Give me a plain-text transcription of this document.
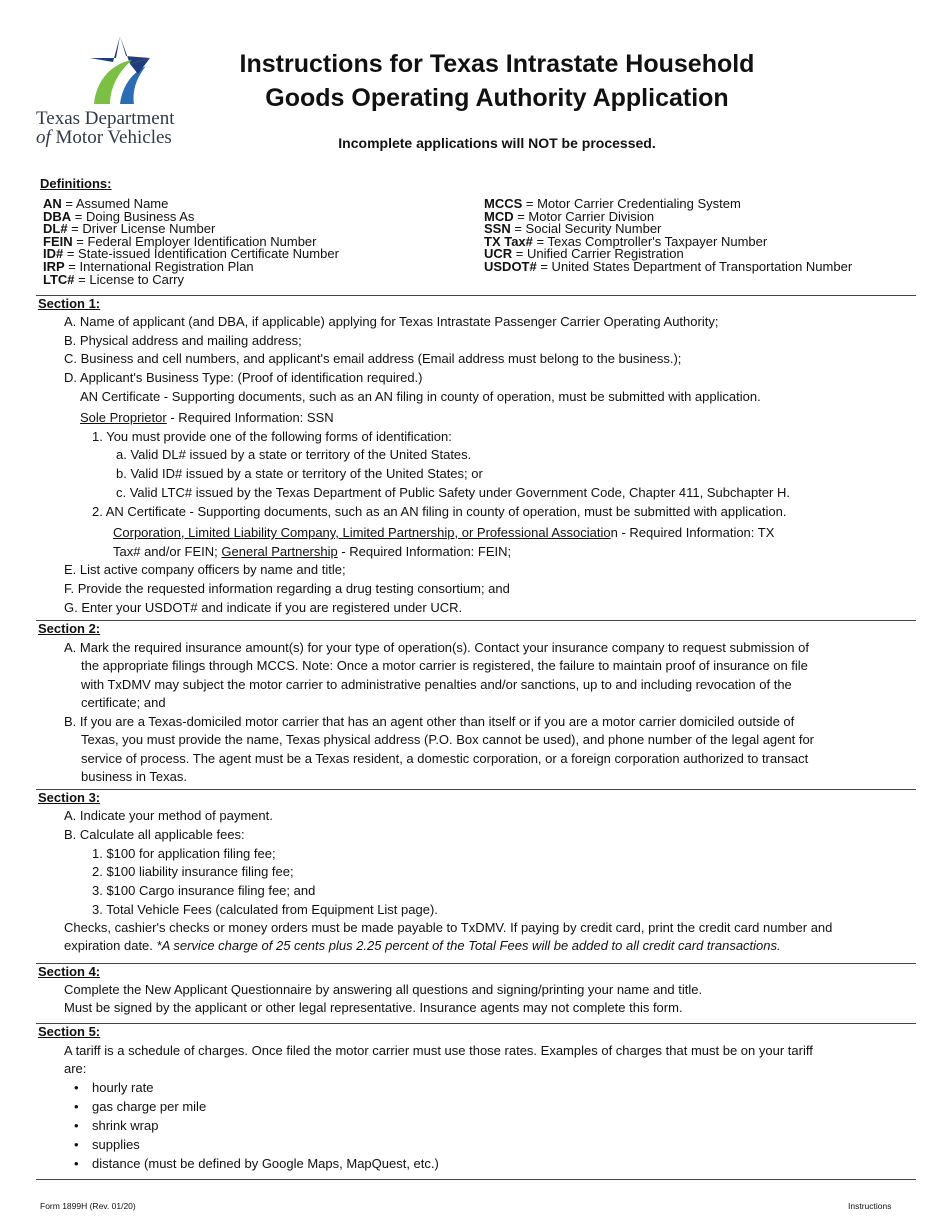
Texas Department
of Motor Vehicles
Instructions for Texas Intrastate Household
Goods Operating Authority Application
Incomplete applications will NOT be processed.
Definitions:
AN = Assumed Name
DBA = Doing Business As
DL# = Driver License Number
FEIN = Federal Employer Identification Number
ID# = State-issued Identification Certificate Number
IRP = International Registration Plan
LTC# = License to Carry
MCCS = Motor Carrier Credentialing System
MCD = Motor Carrier Division
SSN = Social Security Number
TX Tax# = Texas Comptroller's Taxpayer Number
UCR = Unified Carrier Registration
USDOT# = United States Department of Transportation Number
Section 1:
A. Name of applicant (and DBA, if applicable) applying for Texas Intrastate Passenger Carrier Operating Authority;
B. Physical address and mailing address;
C. Business and cell numbers, and applicant's email address (Email address must belong to the business.);
D. Applicant's Business Type: (Proof of identification required.)
AN Certificate - Supporting documents, such as an AN filing in county of operation, must be submitted with application.
Sole Proprietor - Required Information: SSN
1. You must provide one of the following forms of identification:
a. Valid DL# issued by a state or territory of the United States.
b. Valid ID# issued by a state or territory of the United States; or
c. Valid LTC# issued by the Texas Department of Public Safety under Government Code, Chapter 411, Subchapter H.
2. AN Certificate - Supporting documents, such as an AN filing in county of operation, must be submitted with application.
Corporation, Limited Liability Company, Limited Partnership, or Professional Association - Required Information: TX
Tax# and/or FEIN; General Partnership - Required Information: FEIN;
E. List active company officers by name and title;
F. Provide the requested information regarding a drug testing consortium; and
G. Enter your USDOT# and indicate if you are registered under UCR.
Section 2:
A. Mark the required insurance amount(s) for your type of operation(s). Contact your insurance company to request submission of
the appropriate filings through MCCS. Note: Once a motor carrier is registered, the failure to maintain proof of insurance on file
with TxDMV may subject the motor carrier to administrative penalties and/or sanctions, up to and including revocation of the
certificate; and
B. If you are a Texas-domiciled motor carrier that has an agent other than itself or if you are a motor carrier domiciled outside of
Texas, you must provide the name, Texas physical address (P.O. Box cannot be used), and phone number of the legal agent for
service of process. The agent must be a Texas resident, a domestic corporation, or a foreign corporation authorized to transact
business in Texas.
Section 3:
A. Indicate your method of payment.
B. Calculate all applicable fees:
1. $100 for application filing fee;
2. $100 liability insurance filing fee;
3. $100 Cargo insurance filing fee; and
3. Total Vehicle Fees (calculated from Equipment List page).
Checks, cashier's checks or money orders must be made payable to TxDMV. If paying by credit card, print the credit card number and
expiration date. *A service charge of 25 cents plus 2.25 percent of the Total Fees will be added to all credit card transactions.
Section 4:
Complete the New Applicant Questionnaire by answering all questions and signing/printing your name and title.
Must be signed by the applicant or other legal representative. Insurance agents may not complete this form.
Section 5:
A tariff is a schedule of charges. Once filed the motor carrier must use those rates. Examples of charges that must be on your tariff
are:
• hourly rate
• gas charge per mile
• shrink wrap
• supplies
• distance (must be defined by Google Maps, MapQuest, etc.)
Form 1899H (Rev. 01/20)	Instructions
